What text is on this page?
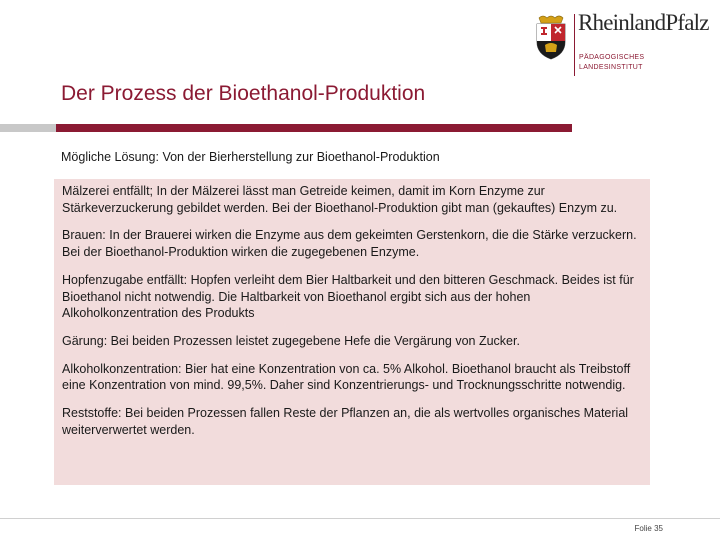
RheinlandPfalz
PÄDAGOGISCHES
LANDESINSTITUT
Der Prozess der Bioethanol-Produktion

Mögliche Lösung: Von der Bierherstellung zur Bioethanol-Produktion

Mälzerei entfällt; In der Mälzerei lässt man Getreide keimen, damit im Korn Enzyme zur Stärkeverzuckerung gebildet werden. Bei der Bioethanol-Produktion gibt man (gekauftes) Enzym zu.

Brauen: In der Brauerei wirken die Enzyme aus dem gekeimten Gerstenkorn, die die Stärke verzuckern. Bei der Bioethanol-Produktion wirken die zugegebenen Enzyme.

Hopfenzugabe entfällt: Hopfen verleiht dem Bier Haltbarkeit und den bitteren Geschmack. Beides ist für Bioethanol nicht notwendig. Die Haltbarkeit von Bioethanol ergibt sich aus der hohen Alkoholkonzentration des Produkts

Gärung: Bei beiden Prozessen leistet zugegebene Hefe die Vergärung von Zucker.

Alkoholkonzentration: Bier hat eine Konzentration von ca. 5% Alkohol. Bioethanol braucht als Treibstoff eine Konzentration von mind. 99,5%. Daher sind Konzentrierungs- und Trocknungsschritte notwendig.

Reststoffe: Bei beiden Prozessen fallen Reste der Pflanzen an, die als wertvolles organisches Material weiterverwertet werden.

Folie 35
